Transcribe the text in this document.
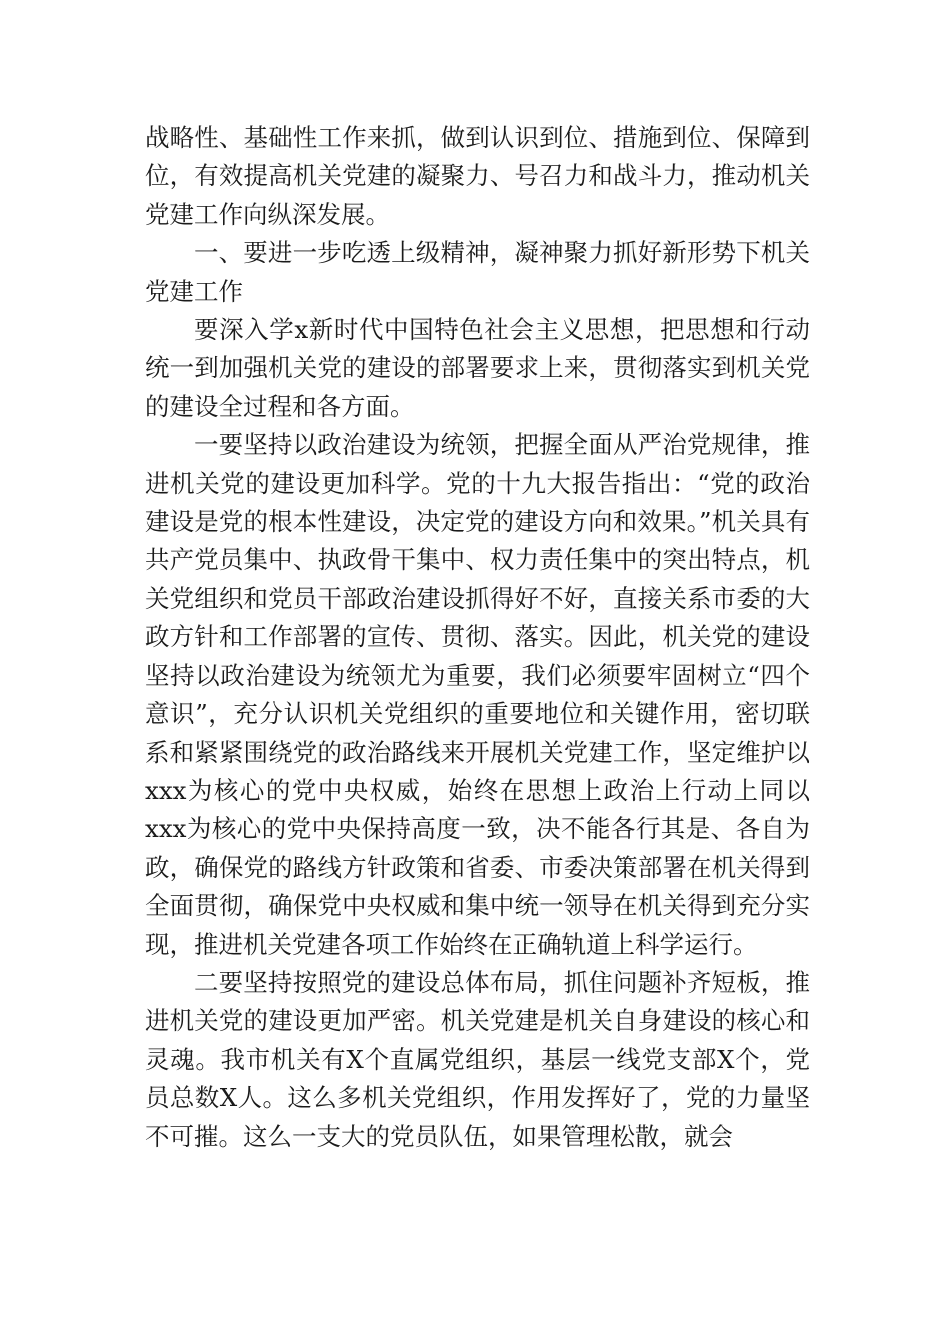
战略性、基础性工作来抓，做到认识到位、措施到位、保障到位，有效提高机关党建的凝聚力、号召力和战斗力，推动机关党建工作向纵深发展。

一、要进一步吃透上级精神，凝神聚力抓好新形势下机关党建工作

要深入学x新时代中国特色社会主义思想，把思想和行动统一到加强机关党的建设的部署要求上来，贯彻落实到机关党的建设全过程和各方面。

一要坚持以政治建设为统领，把握全面从严治党规律，推进机关党的建设更加科学。党的十九大报告指出：“党的政治建设是党的根本性建设，决定党的建设方向和效果。”机关具有共产党员集中、执政骨干集中、权力责任集中的突出特点，机关党组织和党员干部政治建设抓得好不好，直接关系市委的大政方针和工作部署的宣传、贯彻、落实。因此，机关党的建设坚持以政治建设为统领尤为重要，我们必须要牢固树立“四个意识”，充分认识机关党组织的重要地位和关键作用，密切联系和紧紧围绕党的政治路线来开展机关党建工作，坚定维护以xxx为核心的党中央权威，始终在思想上政治上行动上同以xxx为核心的党中央保持高度一致，决不能各行其是、各自为政，确保党的路线方针政策和省委、市委决策部署在机关得到全面贯彻，确保党中央权威和集中统一领导在机关得到充分实现，推进机关党建各项工作始终在正确轨道上科学运行。

二要坚持按照党的建设总体布局，抓住问题补齐短板，推进机关党的建设更加严密。机关党建是机关自身建设的核心和灵魂。我市机关有X个直属党组织，基层一线党支部X个，党员总数X人。这么多机关党组织，作用发挥好了，党的力量坚不可摧。这么一支大的党员队伍，如果管理松散，就会
